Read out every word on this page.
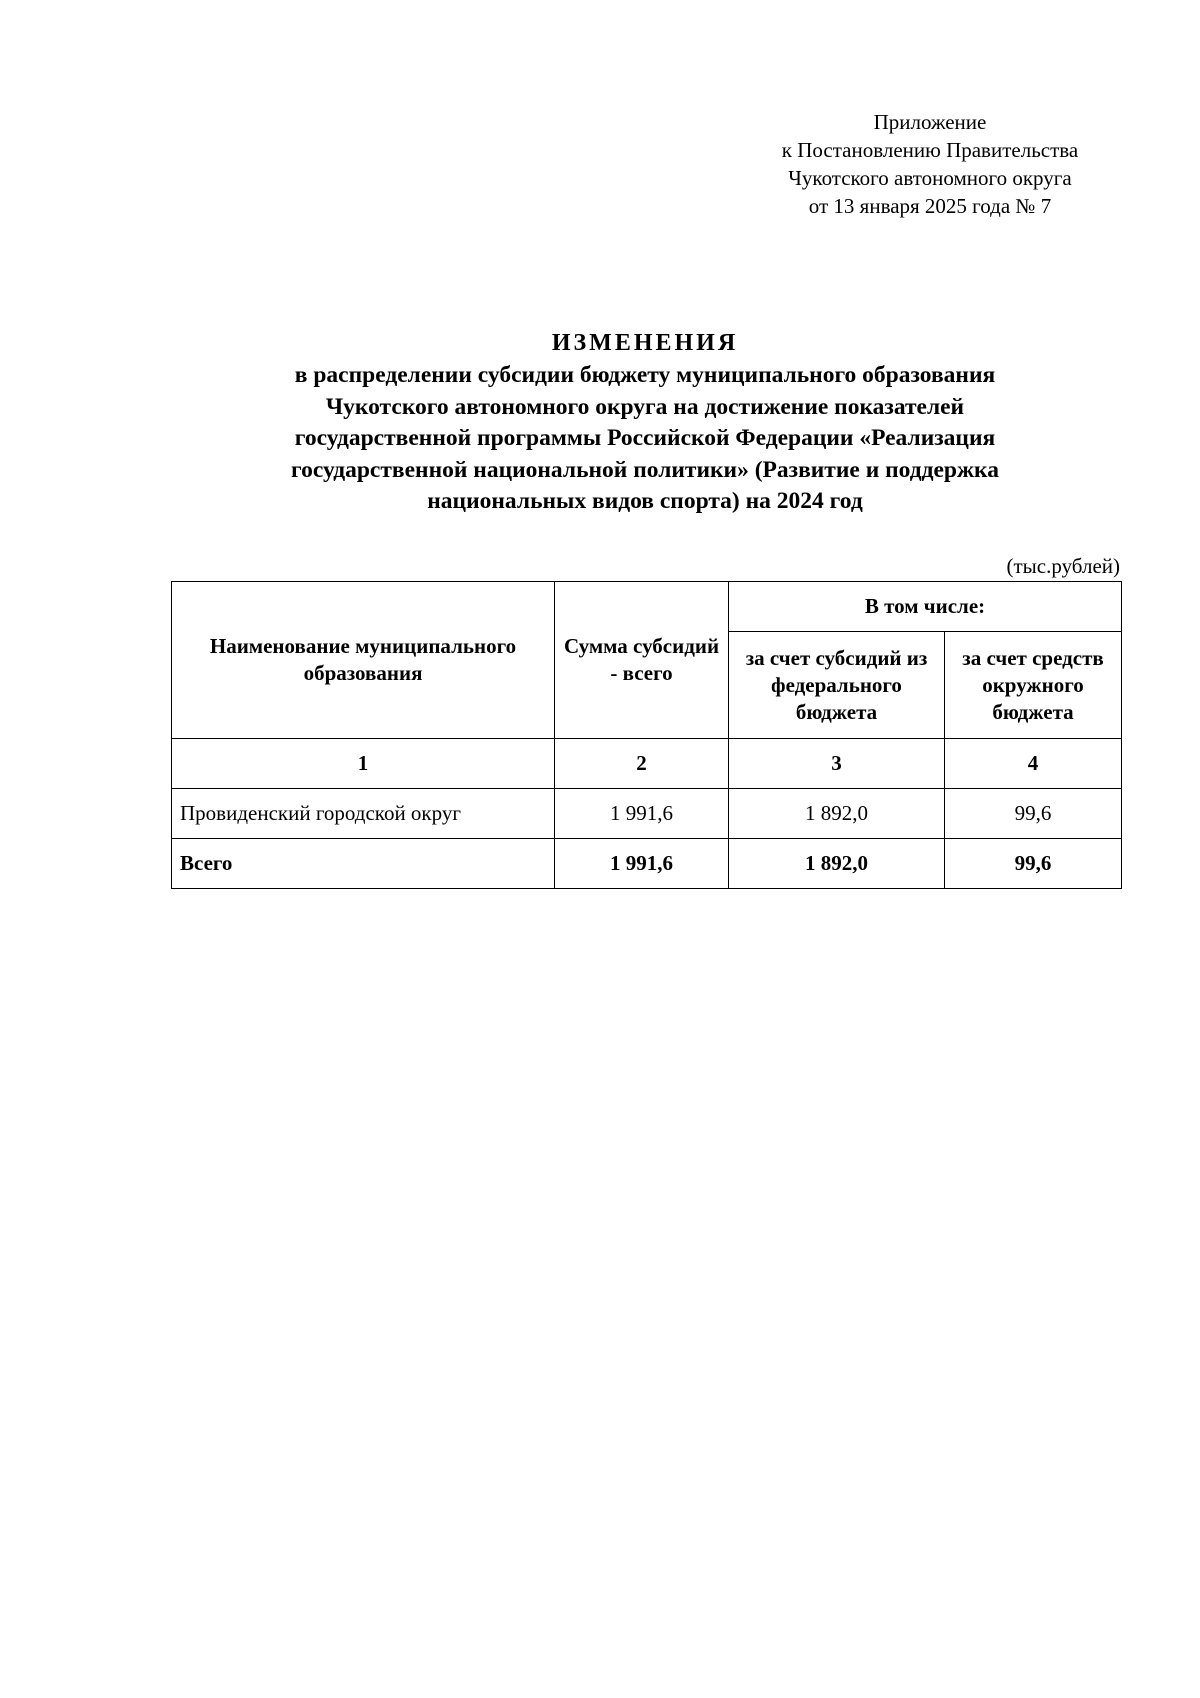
Приложение
к Постановлению Правительства
Чукотского автономного округа
от 13 января 2025 года № 7
ИЗМЕНЕНИЯ
в распределении субсидии бюджету муниципального образования
Чукотского автономного округа на достижение показателей
государственной программы Российской Федерации «Реализация
государственной национальной политики» (Развитие и поддержка
национальных видов спорта) на 2024 год
(тыс.рублей)
Наименование муниципального образования	Сумма субсидий - всего	В том числе:	
		за счет субсидий из федерального бюджета	за счет средств окружного бюджета
1	2	3	4
Провиденский городской округ	1 991,6	1 892,0	99,6
Всего	1 991,6	1 892,0	99,6
